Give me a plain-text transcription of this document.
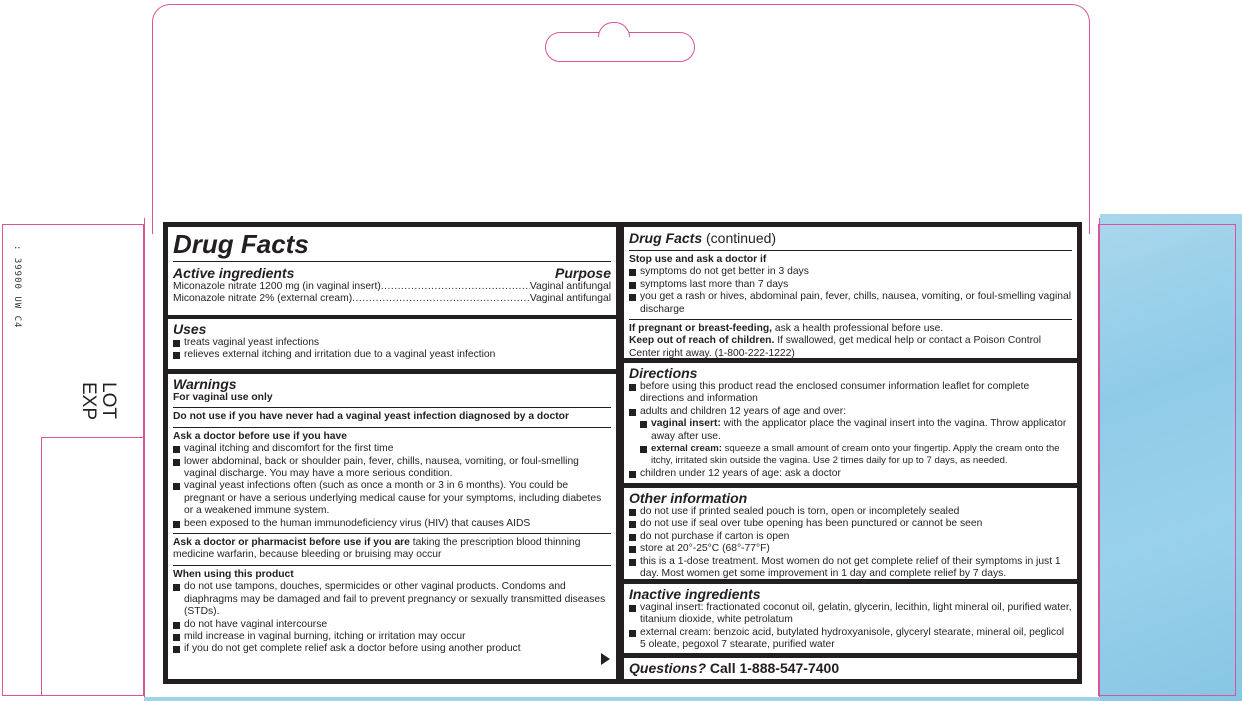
: 39900 UW C4
LOT
EXP
Drug Facts
Active ingredients	Purpose
Miconazole nitrate 1200 mg (in vaginal insert) .....	Vaginal antifungal
Miconazole nitrate 2% (external cream) .....	Vaginal antifungal
Uses
treats vaginal yeast infections
relieves external itching and irritation due to a vaginal yeast infection
Warnings
For vaginal use only
Do not use if you have never had a vaginal yeast infection diagnosed by a doctor
Ask a doctor before use if you have
vaginal itching and discomfort for the first time
lower abdominal, back or shoulder pain, fever, chills, nausea, vomiting, or foul-smelling vaginal discharge. You may have a more serious condition.
vaginal yeast infections often (such as once a month or 3 in 6 months). You could be pregnant or have a serious underlying medical cause for your symptoms, including diabetes or a weakened immune system.
been exposed to the human immunodeficiency virus (HIV) that causes AIDS
Ask a doctor or pharmacist before use if you are taking the prescription blood thinning medicine warfarin, because bleeding or bruising may occur
When using this product
do not use tampons, douches, spermicides or other vaginal products. Condoms and diaphragms may be damaged and fail to prevent pregnancy or sexually transmitted diseases (STDs).
do not have vaginal intercourse
mild increase in vaginal burning, itching or irritation may occur
if you do not get complete relief ask a doctor before using another product
Drug Facts (continued)
Stop use and ask a doctor if
symptoms do not get better in 3 days
symptoms last more than 7 days
you get a rash or hives, abdominal pain, fever, chills, nausea, vomiting, or foul-smelling vaginal discharge
If pregnant or breast-feeding, ask a health professional before use.
Keep out of reach of children. If swallowed, get medical help or contact a Poison Control Center right away. (1-800-222-1222)
Directions
before using this product read the enclosed consumer information leaflet for complete directions and information
adults and children 12 years of age and over:
vaginal insert: with the applicator place the vaginal insert into the vagina. Throw applicator away after use.
external cream: squeeze a small amount of cream onto your fingertip. Apply the cream onto the itchy, irritated skin outside the vagina. Use 2 times daily for up to 7 days, as needed.
children under 12 years of age: ask a doctor
Other information
do not use if printed sealed pouch is torn, open or incompletely sealed
do not use if seal over tube opening has been punctured or cannot be seen
do not purchase if carton is open
store at 20°-25°C (68°-77°F)
this is a 1-dose treatment. Most women do not get complete relief of their symptoms in just 1 day. Most women get some improvement in 1 day and complete relief by 7 days.
Inactive ingredients
vaginal insert: fractionated coconut oil, gelatin, glycerin, lecithin, light mineral oil, purified water, titanium dioxide, white petrolatum
external cream: benzoic acid, butylated hydroxyanisole, glyceryl stearate, mineral oil, peglicol 5 oleate, pegoxol 7 stearate, purified water
Questions? Call 1-888-547-7400
